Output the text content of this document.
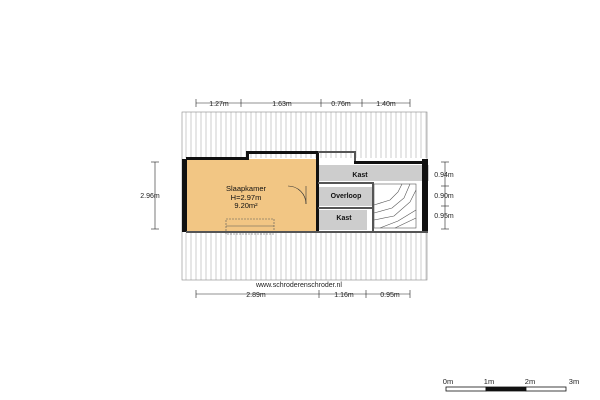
Slaapkamer
H=2.97m
9.20m²
Kast
Overloop
Kast
1.27m	1.63m	0.76m	1.40m
2.89m	1.16m	0.95m
2.96m
0.94m
0.90m
0.95m
www.schroderenschroder.nl
0m	1m	2m	3m
